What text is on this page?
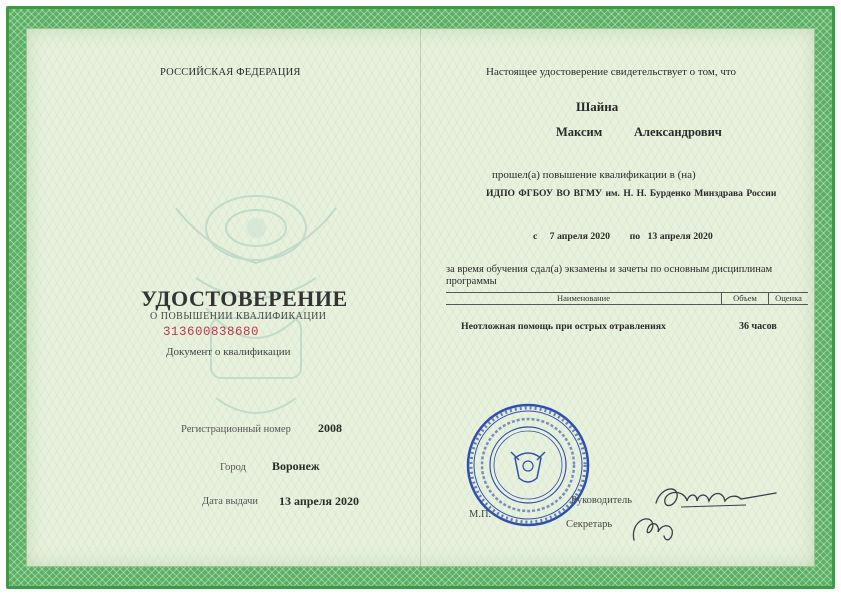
РОССИЙСКАЯ ФЕДЕРАЦИЯ
УДОСТОВЕРЕНИЕ
О ПОВЫШЕНИИ КВАЛИФИКАЦИИ
313600838680
Документ о квалификации
Регистрационный номер 2008
Город Воронеж
Дата выдачи 13 апреля 2020
Настоящее удостоверение свидетельствует о том, что
Шайна
Максим	Александрович
прошел(а) повышение квалификации в (на)
ИДПО ФГБОУ ВО ВГМУ им. Н. Н. Бурденко Минздрава России
с 7 апреля 2020 по 13 апреля 2020
за время обучения сдал(а) экзамены и зачеты по основным дисциплинам программы
Наименование	Объем	Оценка
Неотложная помощь при острых отравлениях	36 часов
М.П.
Руководитель
Секретарь
